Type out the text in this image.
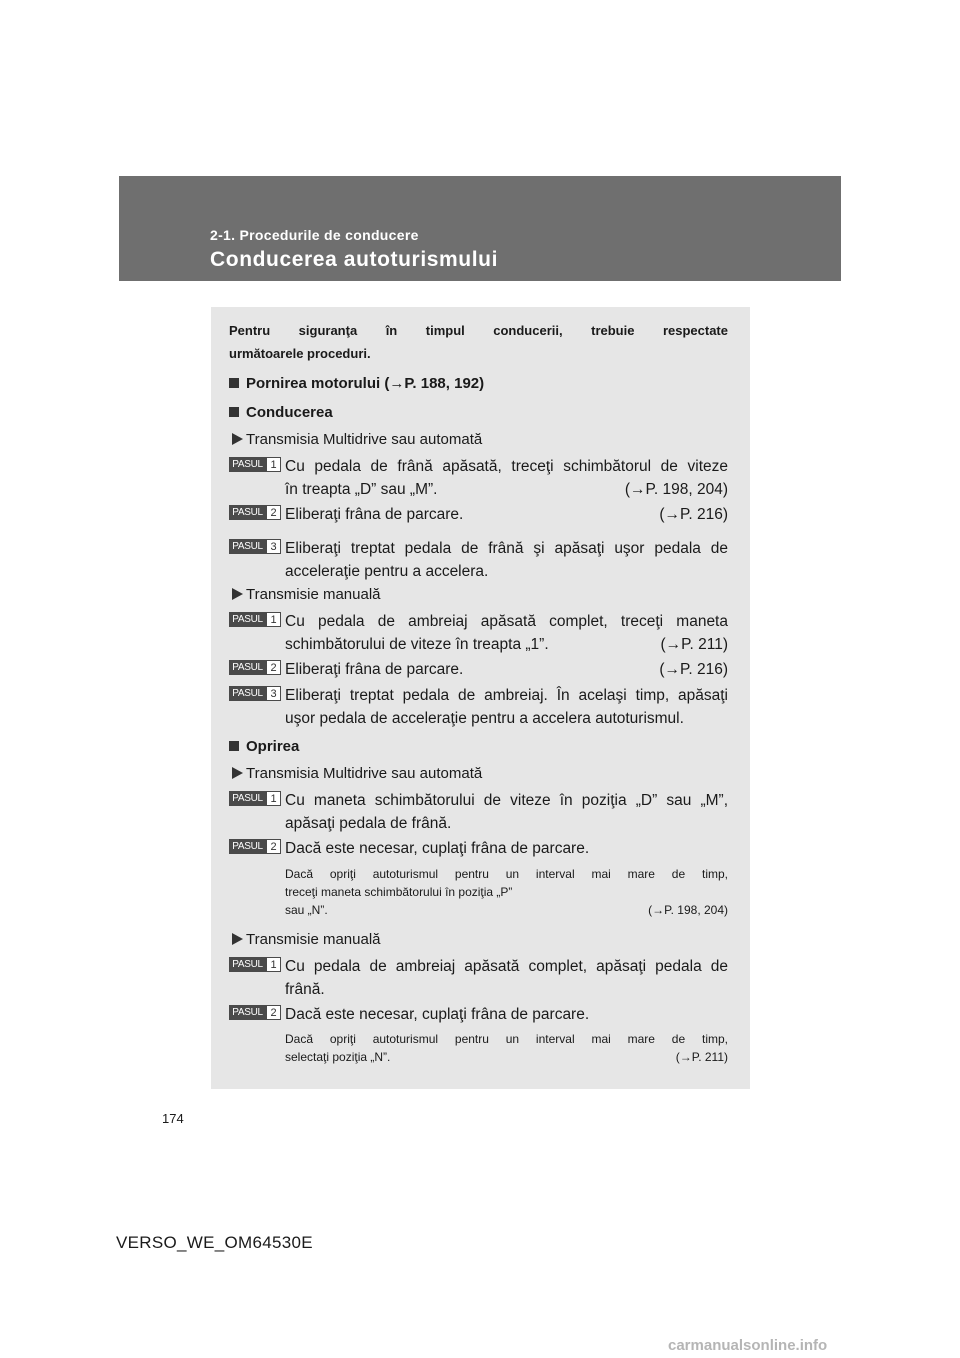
2-1. Procedurile de conducere
Conducerea autoturismului
Pentru siguranţa în timpul conducerii, trebuie respectate
următoarele proceduri.
Pornirea motorului (→P. 188, 192)
Conducerea
Transmisia Multidrive sau automată
PASUL 1 Cu pedala de frână apăsată, treceţi schimbătorul de viteze
în treapta „D” sau „M”.	(→P. 198, 204)
PASUL 2 Eliberaţi frâna de parcare.	(→P. 216)
PASUL 3 Eliberaţi treptat pedala de frână şi apăsaţi uşor pedala de
acceleraţie pentru a accelera.
Transmisie manuală
PASUL 1 Cu pedala de ambreiaj apăsată complet, treceţi maneta
schimbătorului de viteze în treapta „1”.	(→P. 211)
PASUL 2 Eliberaţi frâna de parcare.	(→P. 216)
PASUL 3 Eliberaţi treptat pedala de ambreiaj. În acelaşi timp, apăsaţi
uşor pedala de acceleraţie pentru a accelera autoturismul.
Oprirea
Transmisia Multidrive sau automată
PASUL 1 Cu maneta schimbătorului de viteze în poziţia „D” sau „M”,
apăsaţi pedala de frână.
PASUL 2 Dacă este necesar, cuplaţi frâna de parcare.
Dacă opriţi autoturismul pentru un interval mai mare de timp,
treceţi maneta schimbătorului în poziţia „P”
sau „N”.	(→P. 198, 204)
Transmisie manuală
PASUL 1 Cu pedala de ambreiaj apăsată complet, apăsaţi pedala de
frână.
PASUL 2 Dacă este necesar, cuplaţi frâna de parcare.
Dacă opriţi autoturismul pentru un interval mai mare de timp,
selectaţi poziţia „N”.	(→P. 211)
174
VERSO_WE_OM64530E
carmanualsonline.info
